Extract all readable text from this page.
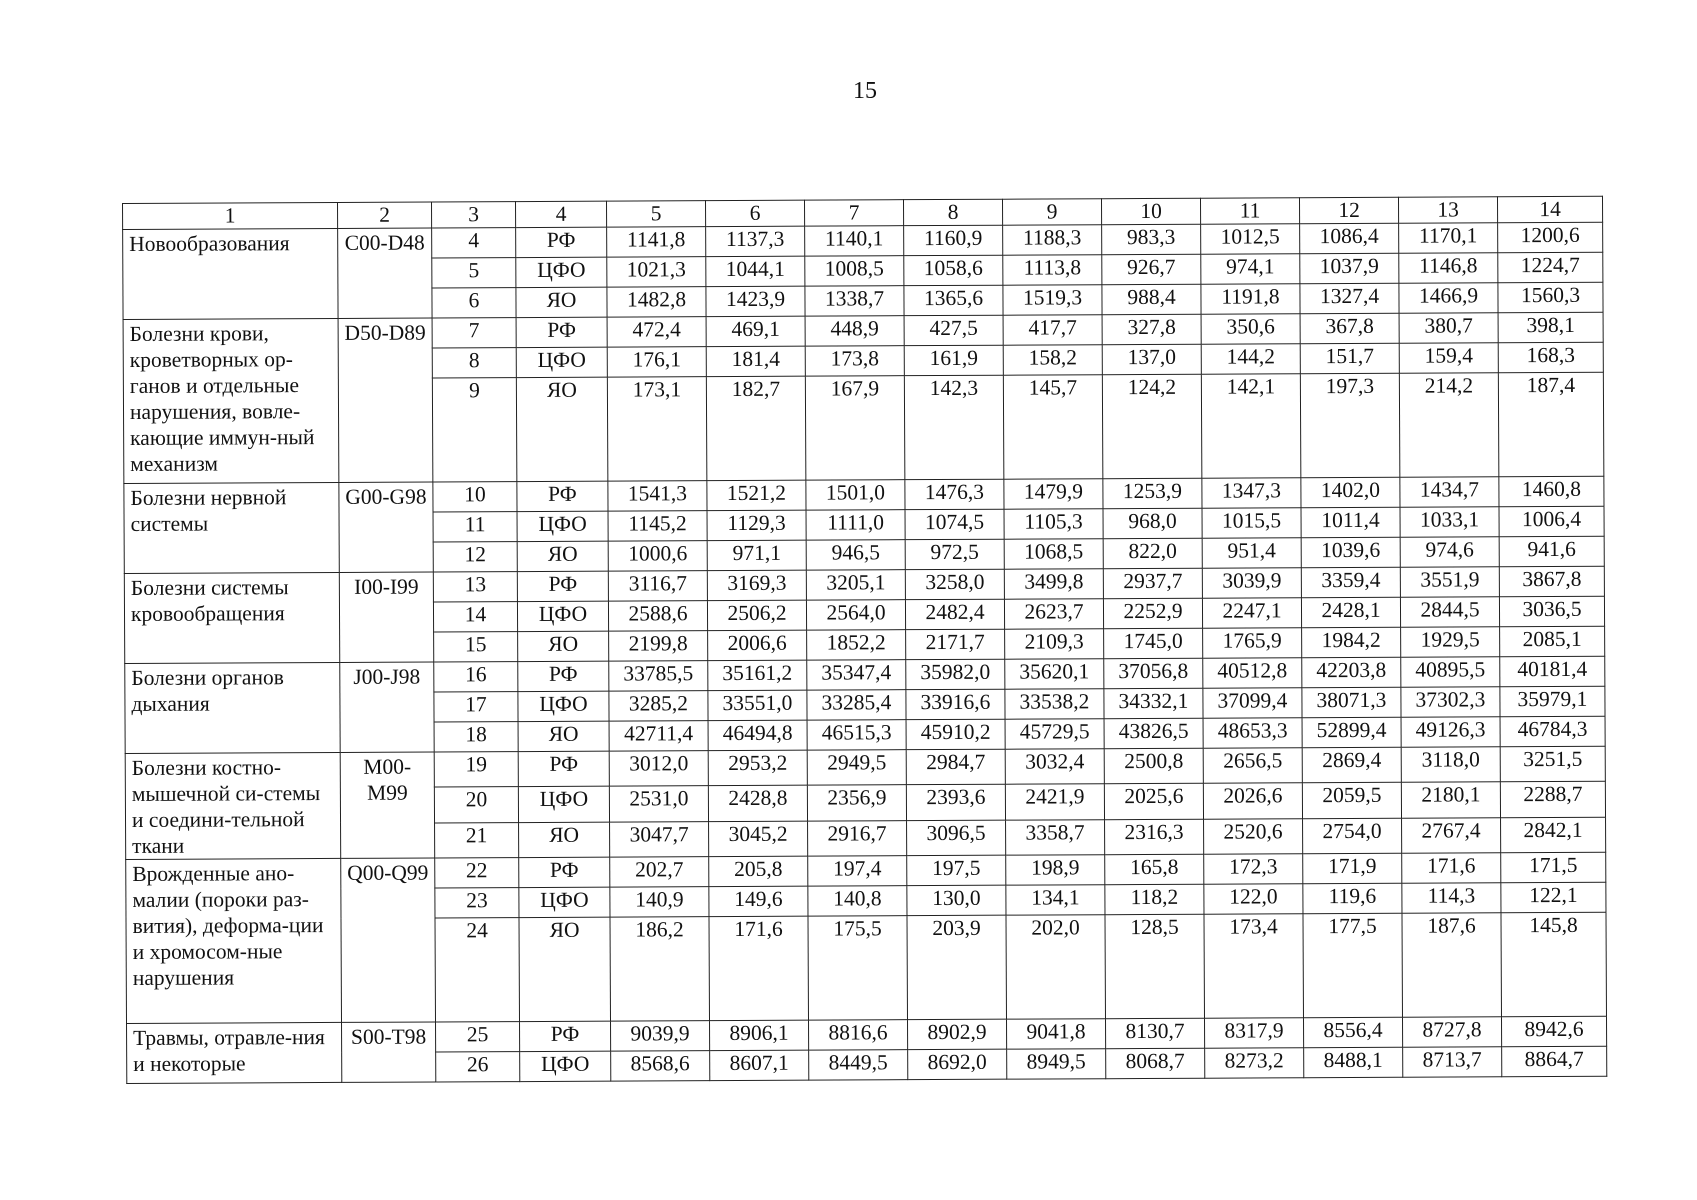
15
1	2	3	4	5	6	7	8	9	10	11	12	13	14
Новообразования	С00-D48	4	РФ	1141,8	1137,3	1140,1	1160,9	1188,3	983,3	1012,5	1086,4	1170,1	1200,6
		5	ЦФО	1021,3	1044,1	1008,5	1058,6	1113,8	926,7	974,1	1037,9	1146,8	1224,7
		6	ЯО	1482,8	1423,9	1338,7	1365,6	1519,3	988,4	1191,8	1327,4	1466,9	1560,3
Болезни крови, кроветворных ор-ганов и отдельные нарушения, вовле-кающие иммун-ный механизм	D50-D89	7	РФ	472,4	469,1	448,9	427,5	417,7	327,8	350,6	367,8	380,7	398,1
		8	ЦФО	176,1	181,4	173,8	161,9	158,2	137,0	144,2	151,7	159,4	168,3
		9	ЯО	173,1	182,7	167,9	142,3	145,7	124,2	142,1	197,3	214,2	187,4
Болезни нервной системы	G00-G98	10	РФ	1541,3	1521,2	1501,0	1476,3	1479,9	1253,9	1347,3	1402,0	1434,7	1460,8
		11	ЦФО	1145,2	1129,3	1111,0	1074,5	1105,3	968,0	1015,5	1011,4	1033,1	1006,4
		12	ЯО	1000,6	971,1	946,5	972,5	1068,5	822,0	951,4	1039,6	974,6	941,6
Болезни системы кровообращения	I00-I99	13	РФ	3116,7	3169,3	3205,1	3258,0	3499,8	2937,7	3039,9	3359,4	3551,9	3867,8
		14	ЦФО	2588,6	2506,2	2564,0	2482,4	2623,7	2252,9	2247,1	2428,1	2844,5	3036,5
		15	ЯО	2199,8	2006,6	1852,2	2171,7	2109,3	1745,0	1765,9	1984,2	1929,5	2085,1
Болезни органов дыхания	J00-J98	16	РФ	33785,5	35161,2	35347,4	35982,0	35620,1	37056,8	40512,8	42203,8	40895,5	40181,4
		17	ЦФО	3285,2	33551,0	33285,4	33916,6	33538,2	34332,1	37099,4	38071,3	37302,3	35979,1
		18	ЯО	42711,4	46494,8	46515,3	45910,2	45729,5	43826,5	48653,3	52899,4	49126,3	46784,3
Болезни костно-мышечной си-стемы и соедини-тельной ткани	М00-М99	19	РФ	3012,0	2953,2	2949,5	2984,7	3032,4	2500,8	2656,5	2869,4	3118,0	3251,5
		20	ЦФО	2531,0	2428,8	2356,9	2393,6	2421,9	2025,6	2026,6	2059,5	2180,1	2288,7
		21	ЯО	3047,7	3045,2	2916,7	3096,5	3358,7	2316,3	2520,6	2754,0	2767,4	2842,1
Врожденные ано-малии (пороки раз-вития), деформа-ции и хромосом-ные нарушения	Q00-Q99	22	РФ	202,7	205,8	197,4	197,5	198,9	165,8	172,3	171,9	171,6	171,5
		23	ЦФО	140,9	149,6	140,8	130,0	134,1	118,2	122,0	119,6	114,3	122,1
		24	ЯО	186,2	171,6	175,5	203,9	202,0	128,5	173,4	177,5	187,6	145,8
Травмы, отравле-ния и некоторые	S00-T98	25	РФ	9039,9	8906,1	8816,6	8902,9	9041,8	8130,7	8317,9	8556,4	8727,8	8942,6
		26	ЦФО	8568,6	8607,1	8449,5	8692,0	8949,5	8068,7	8273,2	8488,1	8713,7	8864,7
